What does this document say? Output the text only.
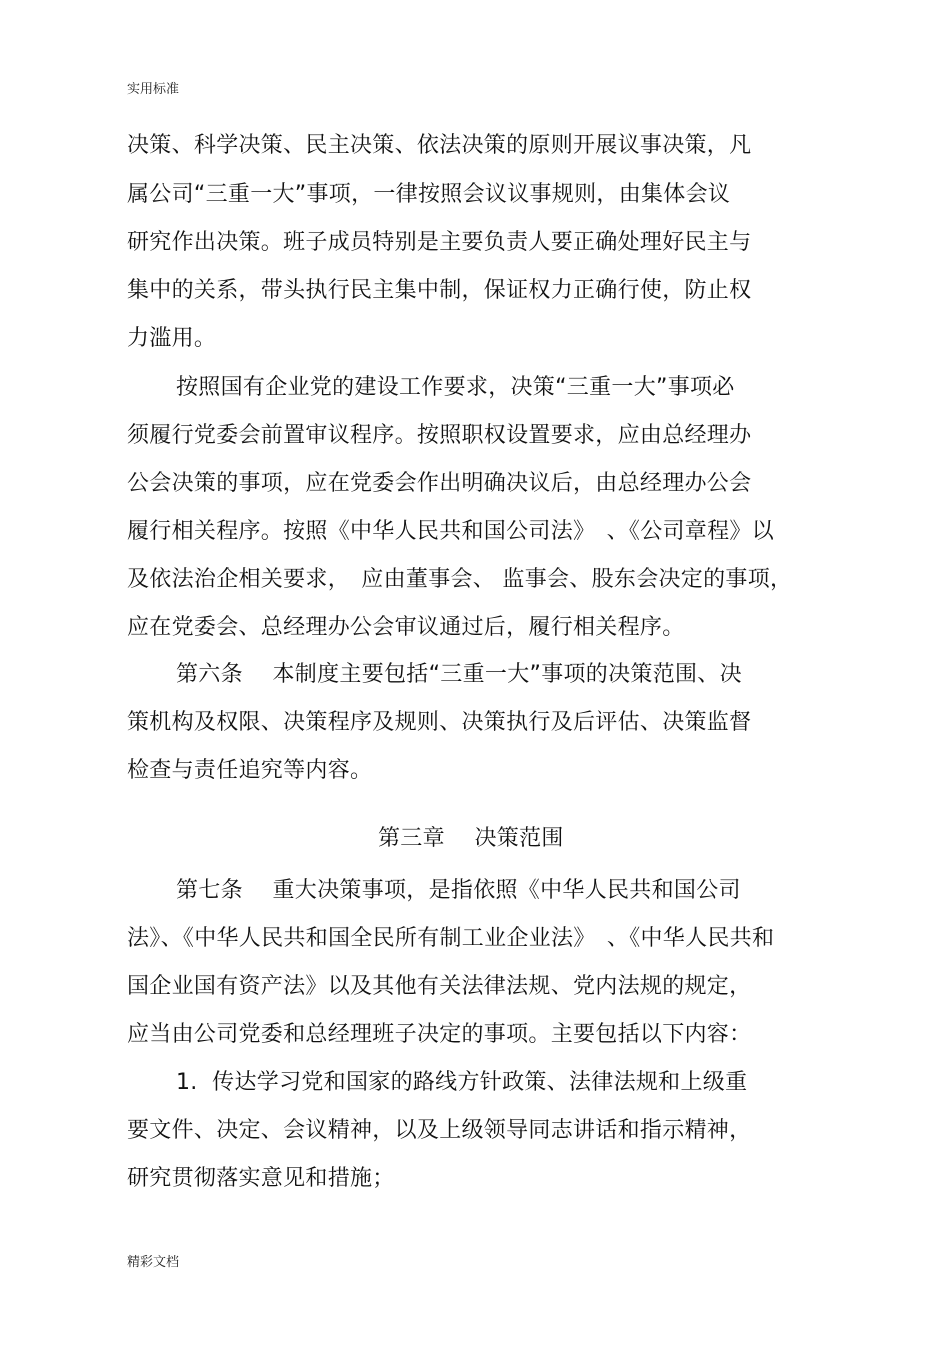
实用标准
决策、科学决策、民主决策、依法决策的原则开展议事决策，凡
属公司“三重一大”事项，一律按照会议议事规则，由集体会议
研究作出决策。班子成员特别是主要负责人要正确处理好民主与
集中的关系，带头执行民主集中制，保证权力正确行使，防止权
力滥用。
按照国有企业党的建设工作要求，决策“三重一大”事项必
须履行党委会前置审议程序。按照职权设置要求，应由总经理办
公会决策的事项，应在党委会作出明确决议后，由总经理办公会
履行相关程序。按照《中华人民共和国公司法》　、《公司章程》以
及依法治企相关要求，　应由董事会、 监事会、股东会决定的事项，
应在党委会、总经理办公会审议通过后，履行相关程序。
第六条　 本制度主要包括“三重一大”事项的决策范围、决
策机构及权限、决策程序及规则、决策执行及后评估、决策监督
检查与责任追究等内容。
第三章　 决策范围
第七条　 重大决策事项，是指依照《中华人民共和国公司
法》、《中华人民共和国全民所有制工业企业法》　、《中华人民共和
国企业国有资产法》以及其他有关法律法规、党内法规的规定，
应当由公司党委和总经理班子决定的事项。主要包括以下内容：
1.  传达学习党和国家的路线方针政策、法律法规和上级重
要文件、决定、会议精神，以及上级领导同志讲话和指示精神，
研究贯彻落实意见和措施；
精彩文档
